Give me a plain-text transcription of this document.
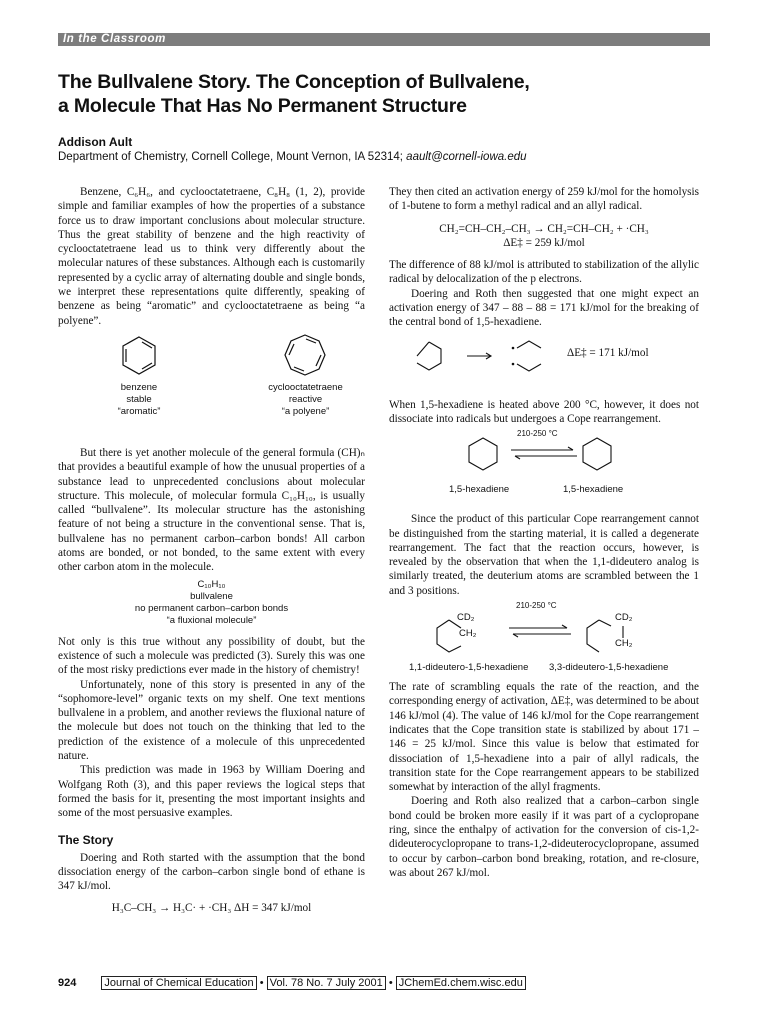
In the Classroom
The Bullvalene Story. The Conception of Bullvalene,
a Molecule That Has No Permanent Structure
Addison Ault
Department of Chemistry, Cornell College, Mount Vernon, IA 52314; aault@cornell-iowa.edu

Benzene, C₆H₆, and cyclooctatetraene, C₈H₈ (1, 2), provide simple and familiar examples of how the properties of a substance force us to draw important conclusions about molecular structure. Thus the great stability of benzene and the high reactivity of cyclooctatetraene lead us to think very differently about the molecular natures of these substances. Although each is customarily represented by a cyclic array of alternating double and single bonds, we interpret these representations quite differently, speaking of benzene as being “aromatic” and cyclooctatetraene as being “a polyene”.

benzene
stable
“aromatic”
cyclooctatetraene
reactive
“a polyene”

But there is yet another molecule of the general formula (CH)ₙ that provides a beautiful example of how the unusual properties of a substance lead to unprecedented conclusions about molecular structure. This molecule, of molecular formula C₁₀H₁₀, is usually called “bullvalene”. Its molecular structure has the astonishing feature of not being a structure in the conventional sense. That is, bullvalene has no permanent carbon–carbon bonds! All carbon atoms are bonded, or not bonded, to the same extent with every other carbon atom in the molecule.

C₁₀H₁₀
bullvalene
no permanent carbon–carbon bonds
“a fluxional molecule”

Not only is this true without any possibility of doubt, but the existence of such a molecule was predicted (3). Surely this was one of the most risky predictions ever made in the history of chemistry!

Unfortunately, none of this story is presented in any of the “sophomore-level” organic texts on my shelf. One text mentions bullvalene in a problem, and another reviews the fluxional nature of the molecule but does not touch on the thinking that led to the prediction of the existence of a molecule of this unprecedented nature.

This prediction was made in 1963 by William Doering and Wolfgang Roth (3), and this paper reviews the logical steps that formed the basis for it, presenting the most important insights and some of the most persuasive examples.

The Story

Doering and Roth started with the assumption that the bond dissociation energy of the carbon–carbon single bond of ethane is 347 kJ/mol.

H₃C–CH₃ → H₃C· + ·CH₃ ΔH = 347 kJ/mol

They then cited an activation energy of 259 kJ/mol for the homolysis of 1-butene to form a methyl radical and an allyl radical.

CH₂=CH–CH₂–CH₃ → CH₂=CH–CH₂ + ·CH₃
ΔE‡ = 259 kJ/mol

The difference of 88 kJ/mol is attributed to stabilization of the allylic radical by delocalization of the p electrons.

Doering and Roth then suggested that one might expect an activation energy of 347 – 88 – 88 = 171 kJ/mol for the breaking of the central bond of 1,5-hexadiene.

ΔE‡ = 171 kJ/mol

When 1,5-hexadiene is heated above 200 °C, however, it does not dissociate into radicals but undergoes a Cope rearrangement.

210-250 °C
1,5-hexadiene	1,5-hexadiene

Since the product of this particular Cope rearrangement cannot be distinguished from the starting material, it is called a degenerate rearrangement. The fact that the reaction occurs, however, is revealed by the observation that when the 1,1-dideutero analog is similarly treated, the deuterium atoms are scrambled between the 1 and 3 positions.

CD₂
CH₂
210-250 °C
CD₂
CH₂
1,1-dideutero-1,5-hexadiene 3,3-dideutero-1,5-hexadiene

The rate of scrambling equals the rate of the reaction, and the corresponding energy of activation, ΔE‡, was determined to be about 146 kJ/mol (4). The value of 146 kJ/mol for the Cope rearrangement indicates that the Cope transition state is stabilized by about 171 – 146 = 25 kJ/mol. Since this value is below that estimated for dissociation of 1,5-hexadiene into a pair of allyl radicals, the transition state for the Cope rearrangement appears to be stabilized somewhat by interaction of the allyl fragments.

Doering and Roth also realized that a carbon–carbon single bond could be broken more easily if it was part of a cyclopropane ring, since the enthalpy of activation for the conversion of cis-1,2-dideuterocyclopropane to trans-1,2-dideuterocyclopropane, assumed to occur by carbon–carbon bond breaking, rotation, and re-closure, was about 267 kJ/mol.

924	Journal of Chemical Education • Vol. 78 No. 7 July 2001 • JChemEd.chem.wisc.edu
